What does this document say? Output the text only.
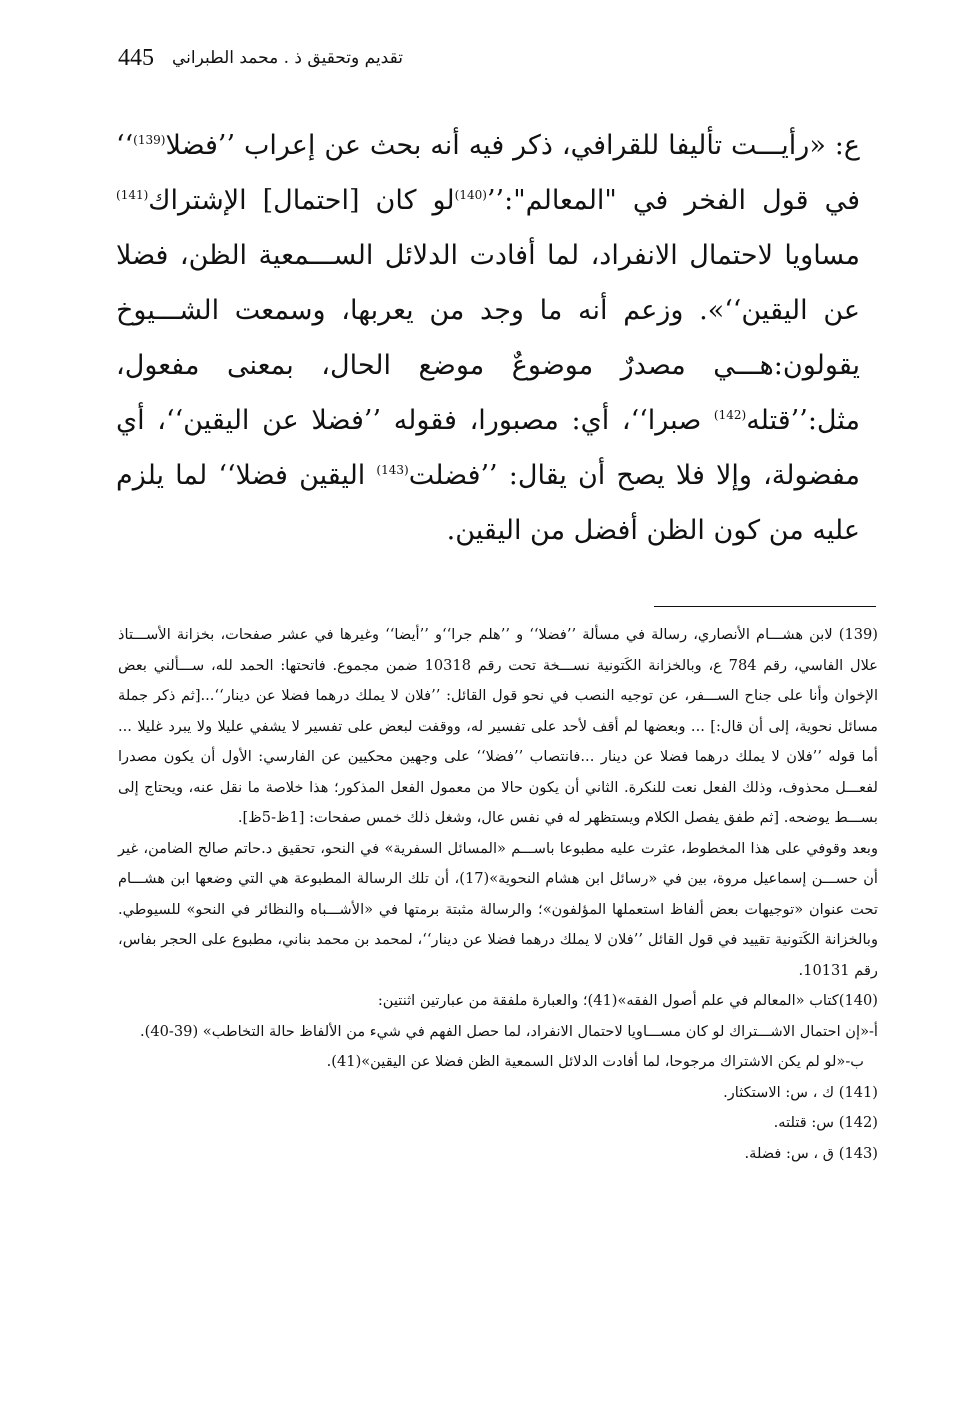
445 تقديم وتحقيق ذ . محمد الطبراني

ع: «رأيـــت تأليفا للقرافي، ذكر فيه أنه بحث عن إعراب ’’فضلا$^{(139)}$‘‘ في قول الفخر في "المعالم":’’$^{(140)}$لو كان [احتمال] الإشتراك$^{(141)}$ مساويا لاحتمال الانفراد، لما أفادت الدلائل الســـمعية الظن، فضلا عن اليقين‘‘». وزعم أنه ما وجد من يعربها، وسمعت الشـــيوخ يقولون:هـــي مصدرٌ موضوعٌ موضع الحال، بمعنى مفعول، مثل:’’قتله$^{(142)}$ صبرا‘‘، أي: مصبورا، فقوله ’’فضلا عن اليقين‘‘، أي مفضولة، وإلا فلا يصح أن يقال: ’’فضلت$^{(143)}$ اليقين فضلا‘‘ لما يلزم عليه من كون الظن أفضل من اليقين.

(139) لابن هشـــام الأنصاري، رسالة في مسألة ’’فضلا‘‘ و ’’هلم جرا‘‘و ’’أيضا‘‘ وغيرها في عشر صفحات، بخزانة الأســـتاذ علال الفاسي، رقم 784 ع، وبالخزانة الكَتونية نســـخة تحت رقم 10318 ضمن مجموع. فاتحتها: الحمد لله، ســـألني بعض الإخوان وأنا على جناح الســـفر، عن توجيه النصب في نحو قول القائل: ’’فلان لا يملك درهما فضلا عن دينار‘‘...[ثم ذكر جملة مسائل نحوية، إلى أن قال:] ... وبعضها لم أقف لأحد على تفسير له، ووقفت لبعض على تفسير لا يشفي عليلا ولا يبرد غليلا ... أما قوله ’’فلان لا يملك درهما فضلا عن دينار ...فانتصاب ’’فضلا‘‘ على وجهين محكيين عن الفارسي: الأول أن يكون مصدرا لفعـــل محذوف، وذلك الفعل نعت للنكرة. الثاني أن يكون حالا من معمول الفعل المذكور؛ هذا خلاصة ما نقل عنه، ويحتاج إلى بســـط يوضحه. [ثم طفق يفصل الكلام ويستظهر له في نفس عال، وشغل ذلك خمس صفحات: [1ظ-5ظ].

وبعد وقوفي على هذا المخطوط، عثرت عليه مطبوعا باســـم «المسائل السفرية» في النحو، تحقيق د.حاتم صالح الضامن، غير أن حســـن إسماعيل مروة، بين في «رسائل ابن هشام النحوية»(17)، أن تلك الرسالة المطبوعة هي التي وضعها ابن هشـــام تحت عنوان «توجيهات بعض ألفاظ استعملها المؤلفون»؛ والرسالة مثبتة برمتها في «الأشـــباه والنظائر في النحو» للسيوطي. وبالخزانة الكَتونية تقييد في قول القائل ’’فلان لا يملك درهما فضلا عن دينار‘‘، لمحمد بن محمد بناني، مطبوع على الحجر بفاس، رقم 10131.

(140)كتاب «المعالم في علم أصول الفقه»(41)؛ والعبارة ملفقة من عبارتين اثنتين:

أ-«إن احتمال الاشـــتراك لو كان مســـاويا لاحتمال الانفراد، لما حصل الفهم في شيء من الألفاظ حالة التخاطب» (39-40).

ب-«لو لم يكن الاشتراك مرجوحا، لما أفادت الدلائل السمعية الظن فضلا عن اليقين»(41).

(141) ك ، س: الاستكثار.

(142) س: قتلته.

(143) ق ، س: فضلة.
